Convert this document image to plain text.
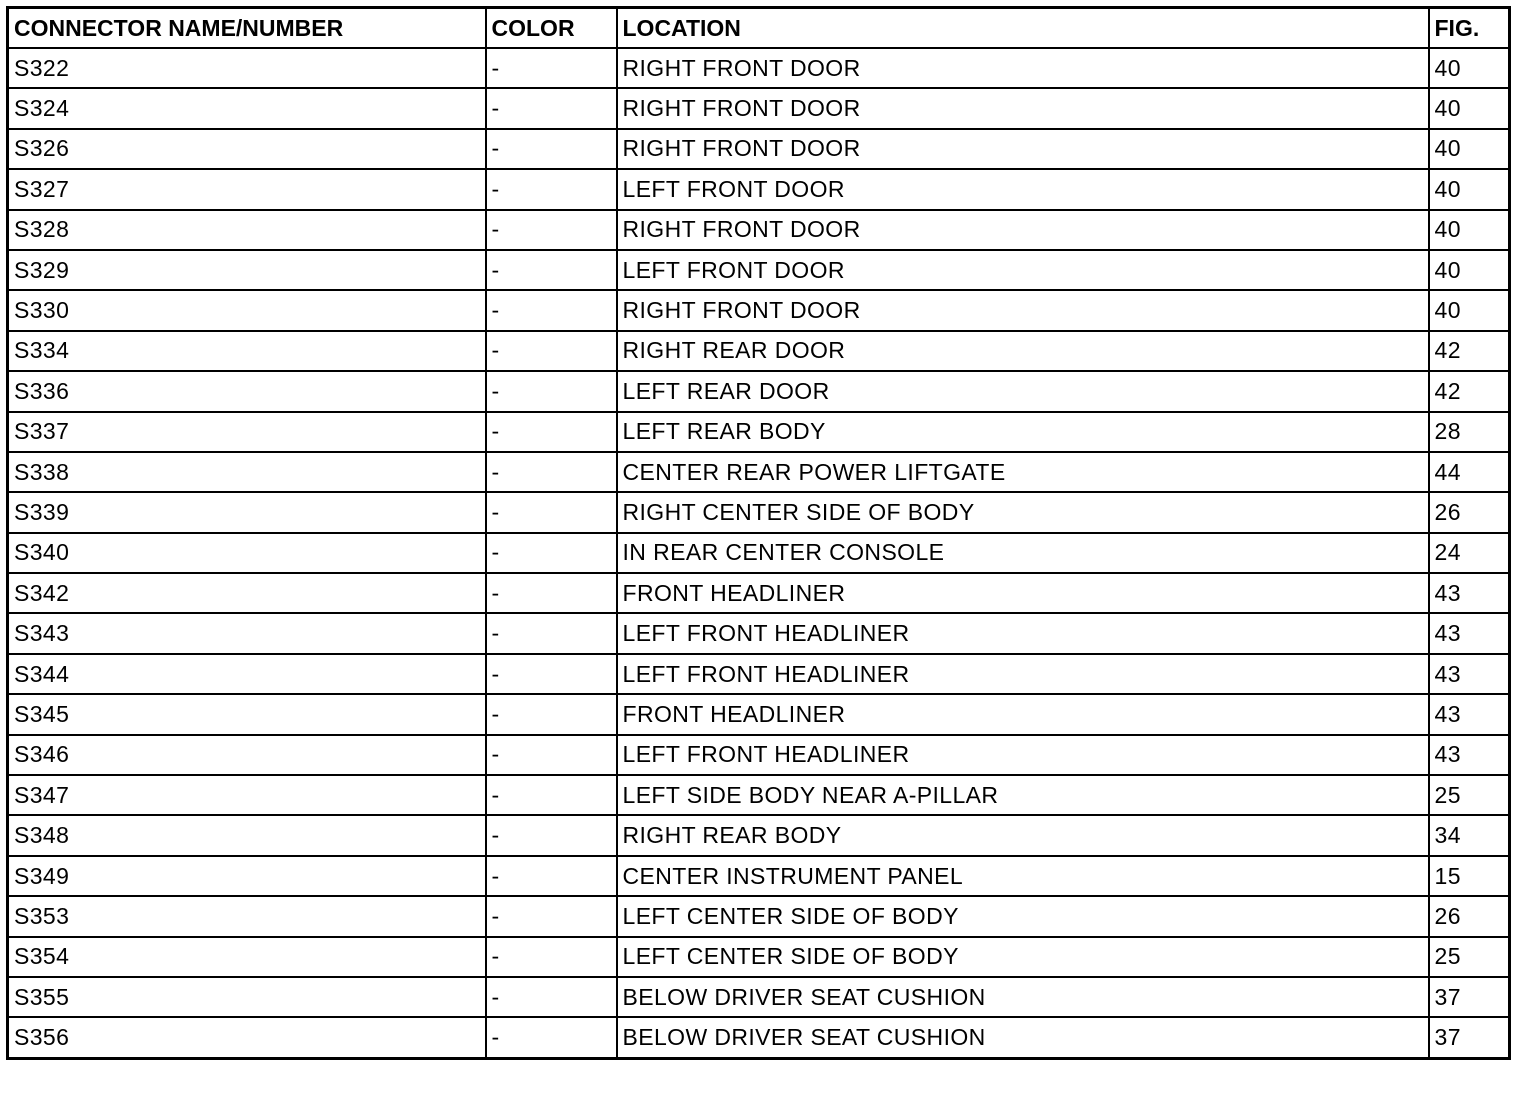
CONNECTOR NAME/NUMBER	COLOR	LOCATION	FIG.
S322	-	RIGHT FRONT DOOR	40
S324	-	RIGHT FRONT DOOR	40
S326	-	RIGHT FRONT DOOR	40
S327	-	LEFT FRONT DOOR	40
S328	-	RIGHT FRONT DOOR	40
S329	-	LEFT FRONT DOOR	40
S330	-	RIGHT FRONT DOOR	40
S334	-	RIGHT REAR DOOR	42
S336	-	LEFT REAR DOOR	42
S337	-	LEFT REAR BODY	28
S338	-	CENTER REAR POWER LIFTGATE	44
S339	-	RIGHT CENTER SIDE OF BODY	26
S340	-	IN REAR CENTER CONSOLE	24
S342	-	FRONT HEADLINER	43
S343	-	LEFT FRONT HEADLINER	43
S344	-	LEFT FRONT HEADLINER	43
S345	-	FRONT HEADLINER	43
S346	-	LEFT FRONT HEADLINER	43
S347	-	LEFT SIDE BODY NEAR A-PILLAR	25
S348	-	RIGHT REAR BODY	34
S349	-	CENTER INSTRUMENT PANEL	15
S353	-	LEFT CENTER SIDE OF BODY	26
S354	-	LEFT CENTER SIDE OF BODY	25
S355	-	BELOW DRIVER SEAT CUSHION	37
S356	-	BELOW DRIVER SEAT CUSHION	37
